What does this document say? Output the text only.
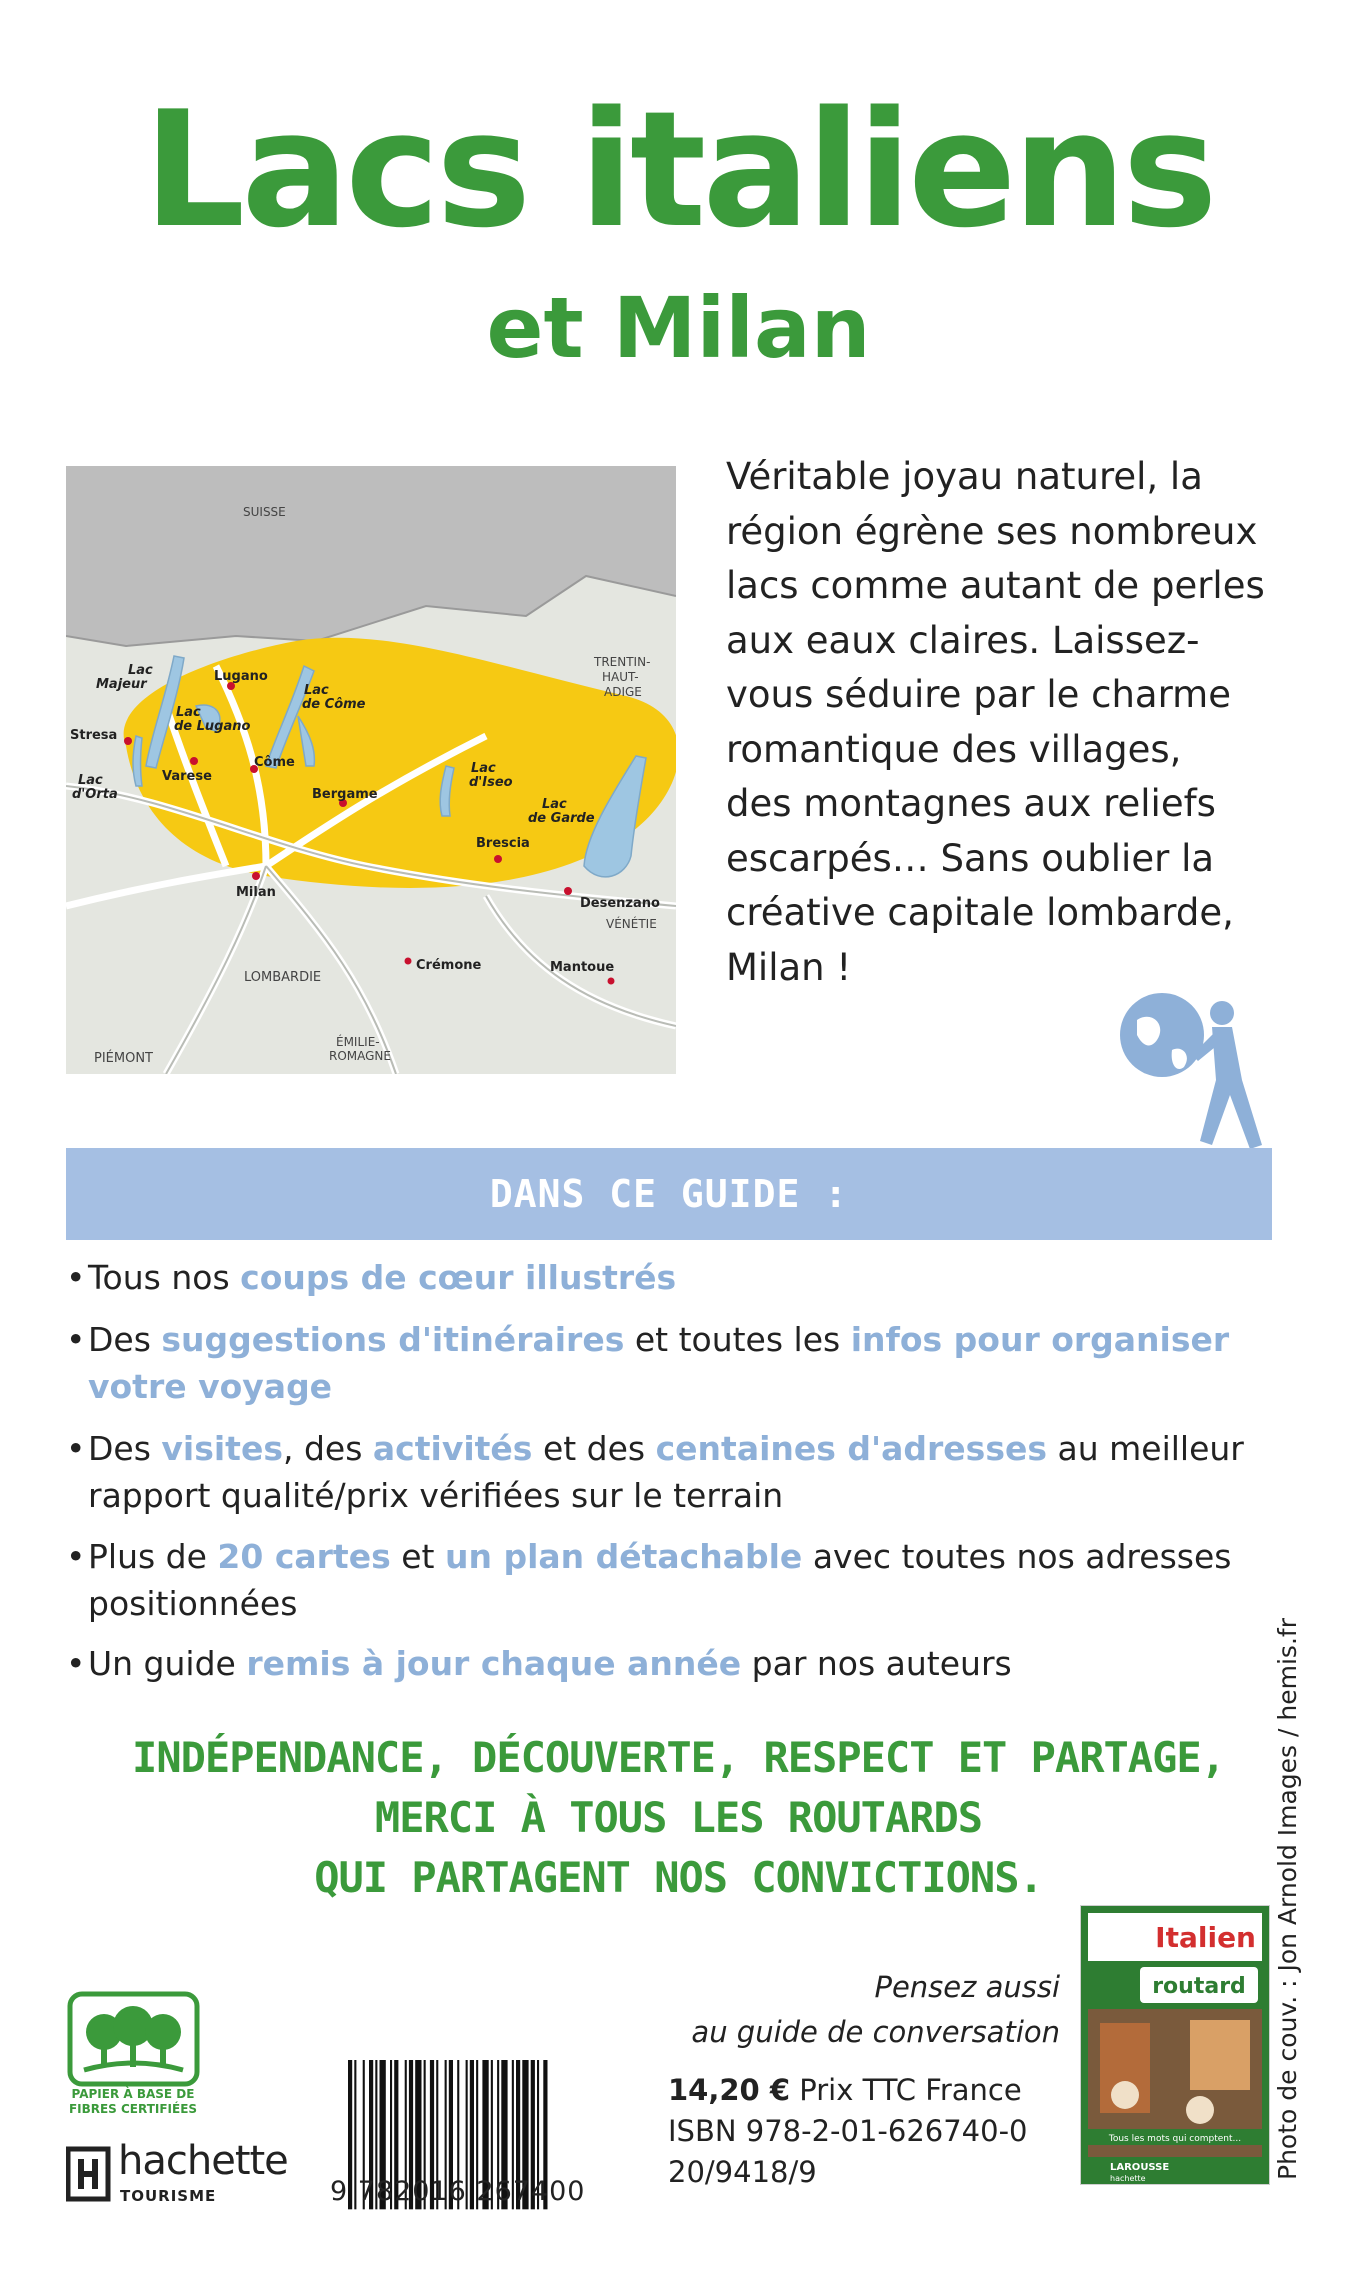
Lacs italiens
et Milan
SUISSE
TRENTIN-
HAUT-
ADIGE
VÉNÉTIE
LOMBARDIE
PIÉMONT
ÉMILIE-
ROMAGNE
Lac
Majeur
Lac
de Lugano
Lac
de Côme
Lac
d'Orta
Lac
d'Iseo
Lac
de Garde
Stresa
Lugano
Varese
Côme
Bergame
Milan
Brescia
Desenzano
Crémone	Mantoue
Véritable joyau naturel, la
région égrène ses nombreux
lacs comme autant de perles
aux eaux claires. Laissez-
vous séduire par le charme
romantique des villages,
des montagnes aux reliefs
escarpés… Sans oublier la
créative capitale lombarde,
Milan !
DANS CE GUIDE :
•Tous nos coups de cœur illustrés
•Des suggestions d'itinéraires et toutes les infos pour organiser
votre voyage
•Des visites, des activités et des centaines d'adresses au meilleur
rapport qualité/prix vérifiées sur le terrain
•Plus de 20 cartes et un plan détachable avec toutes nos adresses
positionnées
•Un guide remis à jour chaque année par nos auteurs
INDÉPENDANCE, DÉCOUVERTE, RESPECT ET PARTAGE,
MERCI À TOUS LES ROUTARDS
QUI PARTAGENT NOS CONVICTIONS.
Pensez aussi
au guide de conversation
Italien
routard
Tous les mots qui comptent...
LAROUSSE
hachette	Photo de couv. : Jon Arnold Images / hemis.fr
14,20 € Prix TTC France
ISBN 978-2-01-626740-0
20/9418/9
9 782016 267400
PAPIER À BASE DE
FIBRES CERTIFIÉES
hachette
TOURISME
